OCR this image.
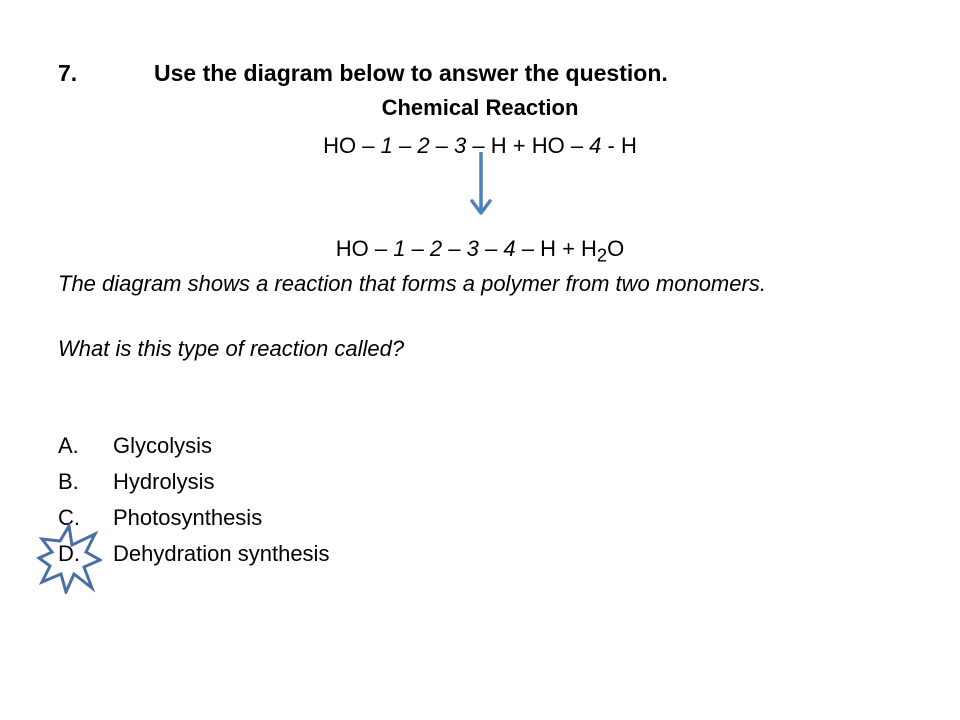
7.	Use the diagram below to answer the question.
Chemical Reaction
HO – 1 – 2 – 3 – H + HO – 4 - H
HO – $1 - 2 - 3 - 4 - H + H_2O$
The diagram shows a reaction that forms a polymer from two monomers.
What is this type of reaction called?
A.	Glycolysis
B.	Hydrolysis
C.	Photosynthesis
D.	Dehydration synthesis
